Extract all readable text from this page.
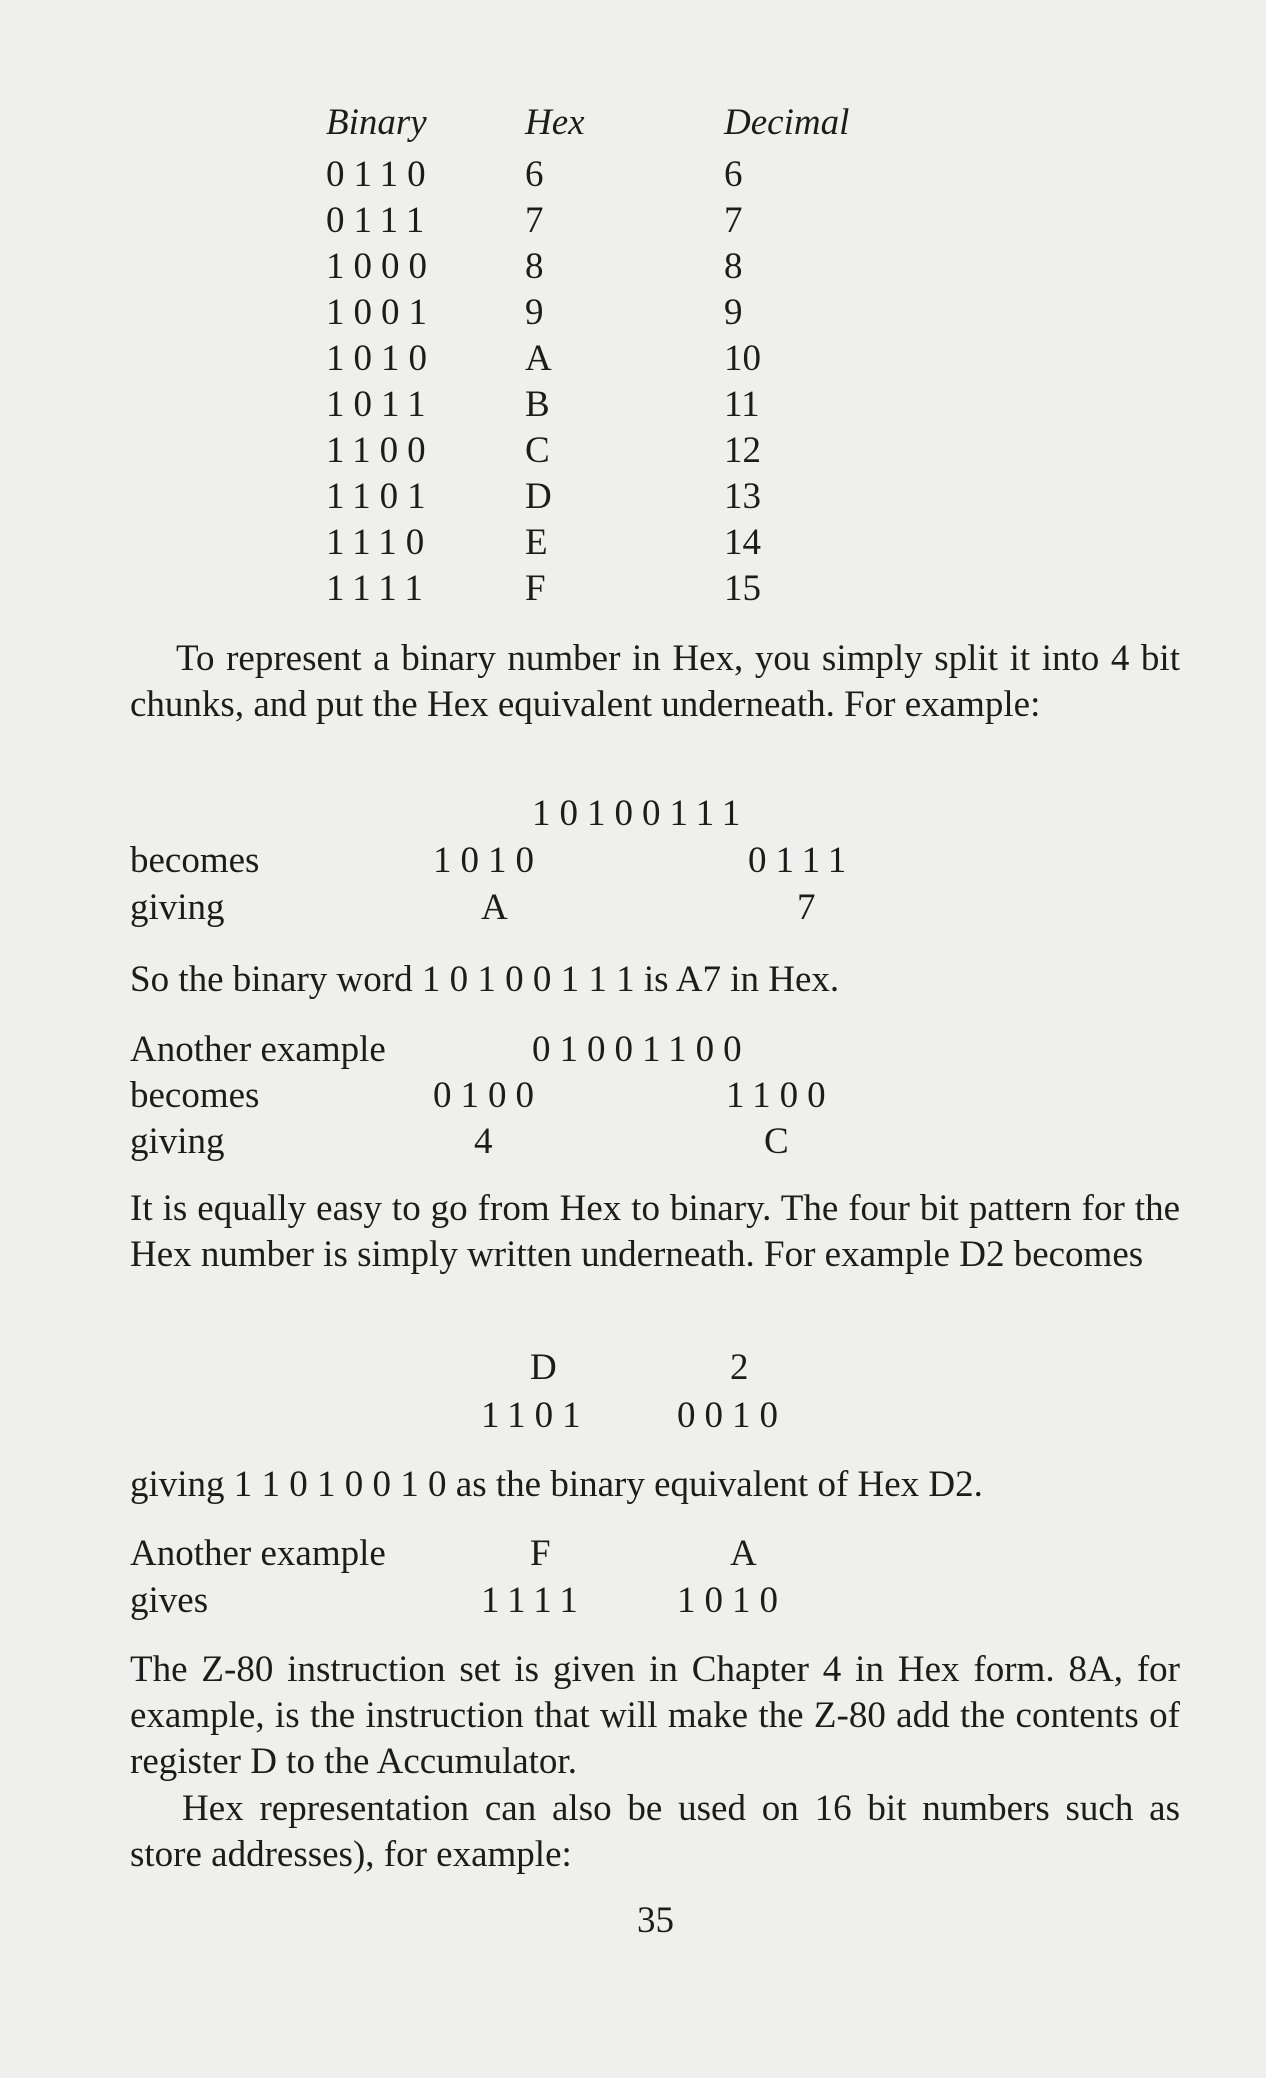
Binary	Hex	Decimal
0110 6	6
0111 7	7
1000 8	8
1001 9	9
1010 A	10
1011 B	11
1100 C	12
1101 D	13
1110 E	14
1111	F	15
To represent a binary number in Hex, you simply split it into 4 bit chunks, and put the Hex equivalent underneath. For example:
10100111
becomes	1010	0111
giving	A	7
So the binary word 1 0 1 0 0 1 1 1 is A7 in Hex.
Another example	01001100
becomes	0100	1100
giving	4	C
It is equally easy to go from Hex to binary. The four bit pattern for the Hex number is simply written underneath. For example D2 becomes
D	2
1101 0010
giving 1 1 0 1 0 0 1 0 as the binary equivalent of Hex D2.
Another example	F	A
gives	1111 1010
The Z-80 instruction set is given in Chapter 4 in Hex form. 8A, for example, is the instruction that will make the Z-80 add the contents of register D to the Accumulator.
Hex representation can also be used on 16 bit numbers such as store addresses), for example:
35
